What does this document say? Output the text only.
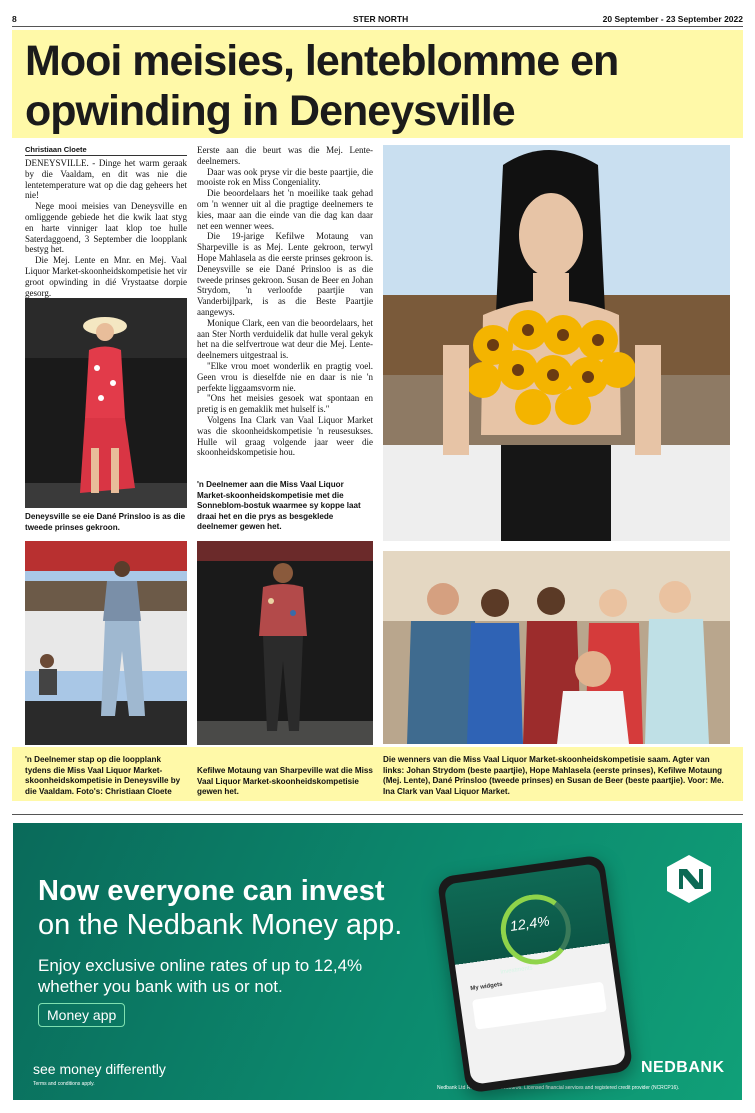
8	STER NORTH	20 September - 23 September 2022
Mooi meisies, lenteblomme en opwinding in Deneysville
Christiaan Cloete

DENEYSVILLE. - Dinge het warm geraak by die Vaaldam, en dit was nie die lentetemperature wat op die dag geheers het nie!

Nege mooi meisies van Deneysville en omliggende gebiede het die kwik laat styg en harte vinniger laat klop toe hulle Saterdaggoend, 3 September die loopplank bestyg het.

Die Mej. Lente en Mnr. en Mej. Vaal Liquor Market-skoonheidskompetisie het vir groot opwinding in dié Vrystaatse dorpie gesorg.

Deneysville se eie Dané Prinsloo is as die tweede prinses gekroon.

Eerste aan die beurt was die Mej. Lente-deelnemers.

Daar was ook pryse vir die beste paartjie, die mooiste rok en Miss Congeniality.

Die beoordelaars het 'n moeilike taak gehad om 'n wenner uit al die pragtige deelnemers te kies, maar aan die einde van die dag kan daar net een wenner wees.

Die 19-jarige Kefilwe Motaung van Sharpeville is as Mej. Lente gekroon, terwyl Hope Mahlasela as die eerste prinses gekroon is. Deneysville se eie Dané Prinsloo is as die tweede prinses gekroon. Susan de Beer en Johan Strydom, 'n verloofde paartjie van Vanderbijlpark, is as die Beste Paartjie aangewys.

Monique Clark, een van die beoordelaars, het aan Ster North verduidelik dat hulle veral gekyk het na die selfvertroue wat deur die Mej. Lente-deelnemers uitgestraal is.

"Elke vrou moet wonderlik en pragtig voel. Geen vrou is dieselfde nie en daar is nie 'n perfekte liggaamsvorm nie.

"Ons het meisies gesoek wat spontaan en pretig is en gemaklik met hulself is."

Volgens Ina Clark van Vaal Liquor Market was die skoonheidskompetisie 'n reusesukses. Hulle wil graag volgende jaar weer die skoonheidskompetisie hou.

'n Deelnemer aan die Miss Vaal Liquor Market-skoonheidskompetisie met die Sonneblom-bostuk waarmee sy koppe laat draai het en die prys as besgeklede deelnemer gewen het.
'n Deelnemer stap op die loopplank tydens die Miss Vaal Liquor Market-skoonheidskompetisie in Deneysville by die Vaaldam. Foto's: Christiaan Cloete
Kefilwe Motaung van Sharpeville wat die Miss Vaal Liquor Market-skoonheidskompetisie gewen het.
Die wenners van die Miss Vaal Liquor Market-skoonheidskompetisie saam. Agter van links: Johan Strydom (beste paartjie), Hope Mahlasela (eerste prinses), Kefilwe Motaung (Mej. Lente), Dané Prinsloo (tweede prinses) en Susan de Beer (beste paartjie). Voor: Me. Ina Clark van Vaal Liquor Market.
Now everyone can invest
on the Nedbank Money app.
Enjoy exclusive online rates of up to 12,4% whether you bank with us or not.
Money app
see money differently
Terms and conditions apply.
Nedbank Ltd Reg No 1951/000009/06. Licensed financial services and registered credit provider (NCRCP16).
12,4%
Investments
My widgets
NEDBANK
